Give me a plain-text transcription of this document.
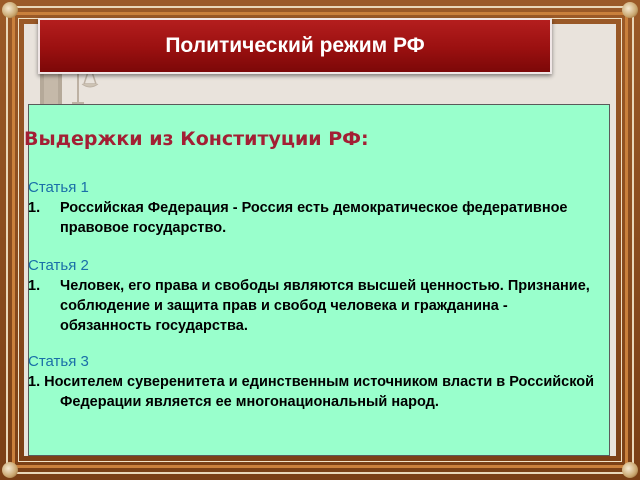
Политический режим РФ
Выдержки из Конституции РФ:
Статья 1
1.	Российская Федерация - Россия есть демократическое федеративное правовое государство.
Статья 2
1.	Человек, его права и свободы являются высшей ценностью. Признание, соблюдение и защита прав и свобод человека и гражданина - обязанность государства.
Статья 3
1. Носителем суверенитета и единственным источником власти в Российской Федерации является ее многонациональный народ.
